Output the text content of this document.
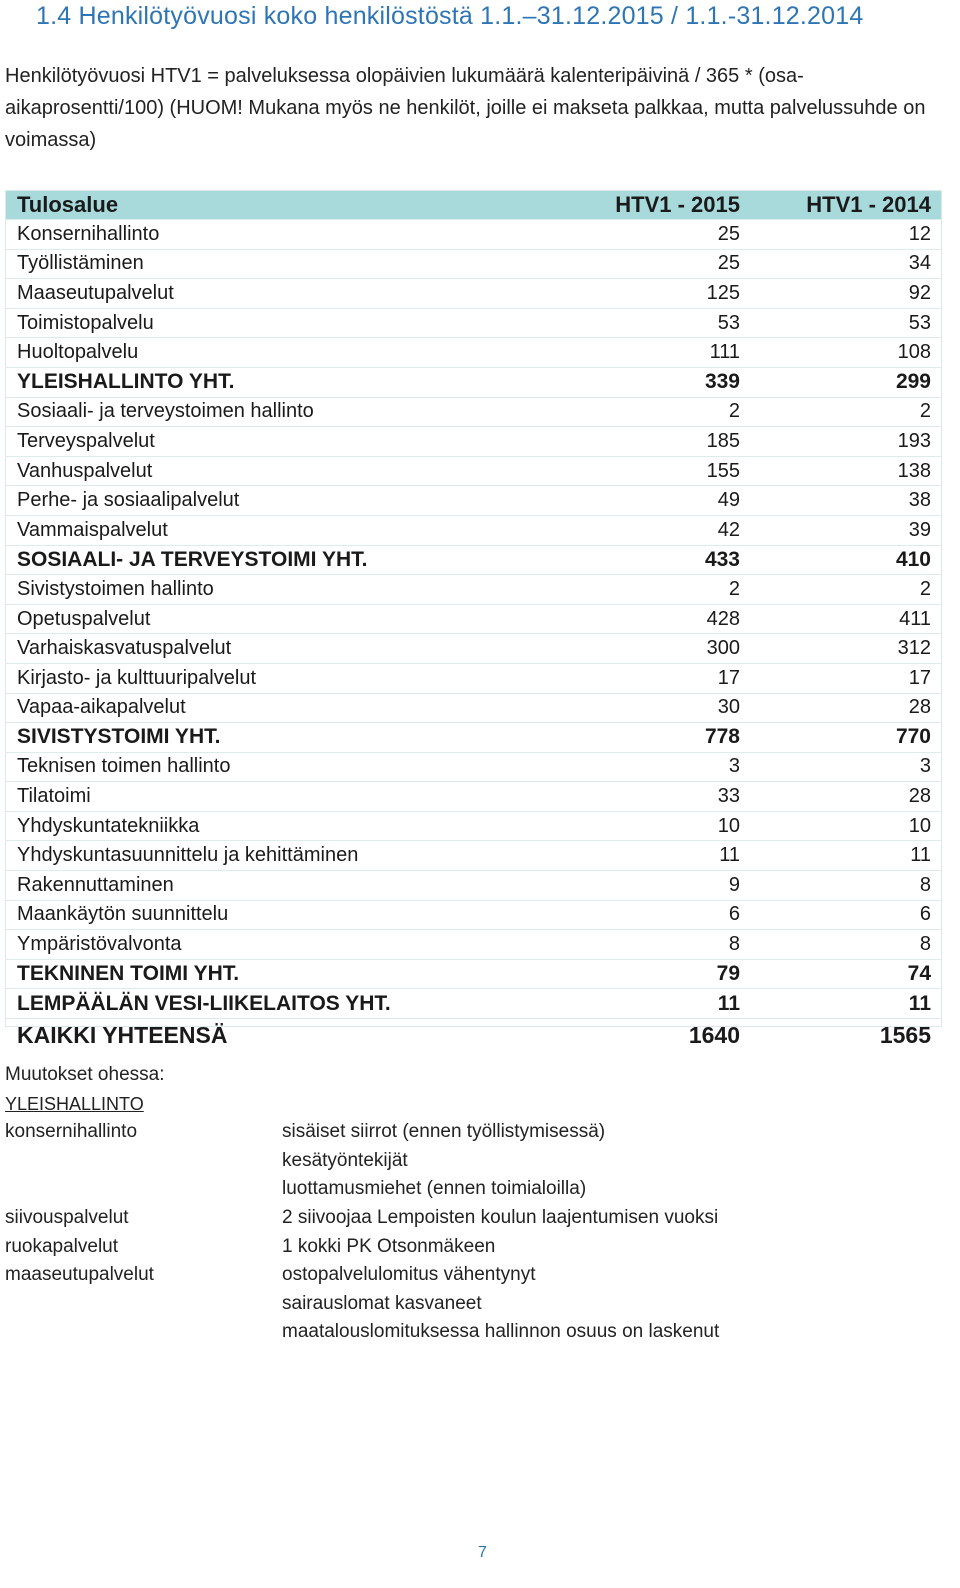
1.4 Henkilötyövuosi koko henkilöstöstä 1.1.–31.12.2015 / 1.1.-31.12.2014
Henkilötyövuosi HTV1 = palveluksessa olopäivien lukumäärä kalenteripäivinä / 365 * (osa-aikaprosentti/100) (HUOM! Mukana myös ne henkilöt, joille ei makseta palkkaa, mutta palvelussuhde on voimassa)
Tulosalue	HTV1 - 2015	HTV1 - 2014
Konsernihallinto	25	12
Työllistäminen	25	34
Maaseutupalvelut	125	92
Toimistopalvelu	53	53
Huoltopalvelu	111	108
YLEISHALLINTO YHT.	339	299
Sosiaali- ja terveystoimen hallinto	2	2
Terveyspalvelut	185	193
Vanhuspalvelut	155	138
Perhe- ja sosiaalipalvelut	49	38
Vammaispalvelut	42	39
SOSIAALI- JA TERVEYSTOIMI YHT.	433	410
Sivistystoimen hallinto	2	2
Opetuspalvelut	428	411
Varhaiskasvatuspalvelut	300	312
Kirjasto- ja kulttuuripalvelut	17	17
Vapaa-aikapalvelut	30	28
SIVISTYSTOIMI YHT.	778	770
Teknisen toimen hallinto	3	3
Tilatoimi	33	28
Yhdyskuntatekniikka	10	10
Yhdyskuntasuunnittelu ja kehittäminen	11	11
Rakennuttaminen	9	8
Maankäytön suunnittelu	6	6
Ympäristövalvonta	8	8
TEKNINEN TOIMI YHT.	79	74
LEMPÄÄLÄN VESI-LIIKELAITOS YHT.	11	11
KAIKKI YHTEENSÄ	1640	1565
Muutokset ohessa:
YLEISHALLINTO
konsernihallinto	sisäiset siirrot (ennen työllistymisessä)
kesätyöntekijät
luottamusmiehet (ennen toimialoilla)
siivouspalvelut	2 siivoojaa Lempoisten koulun laajentumisen vuoksi
ruokapalvelut	1 kokki PK Otsonmäkeen
maaseutupalvelut	ostopalvelulomitus vähentynyt
sairauslomat kasvaneet
maatalouslomituksessa hallinnon osuus on laskenut
7
